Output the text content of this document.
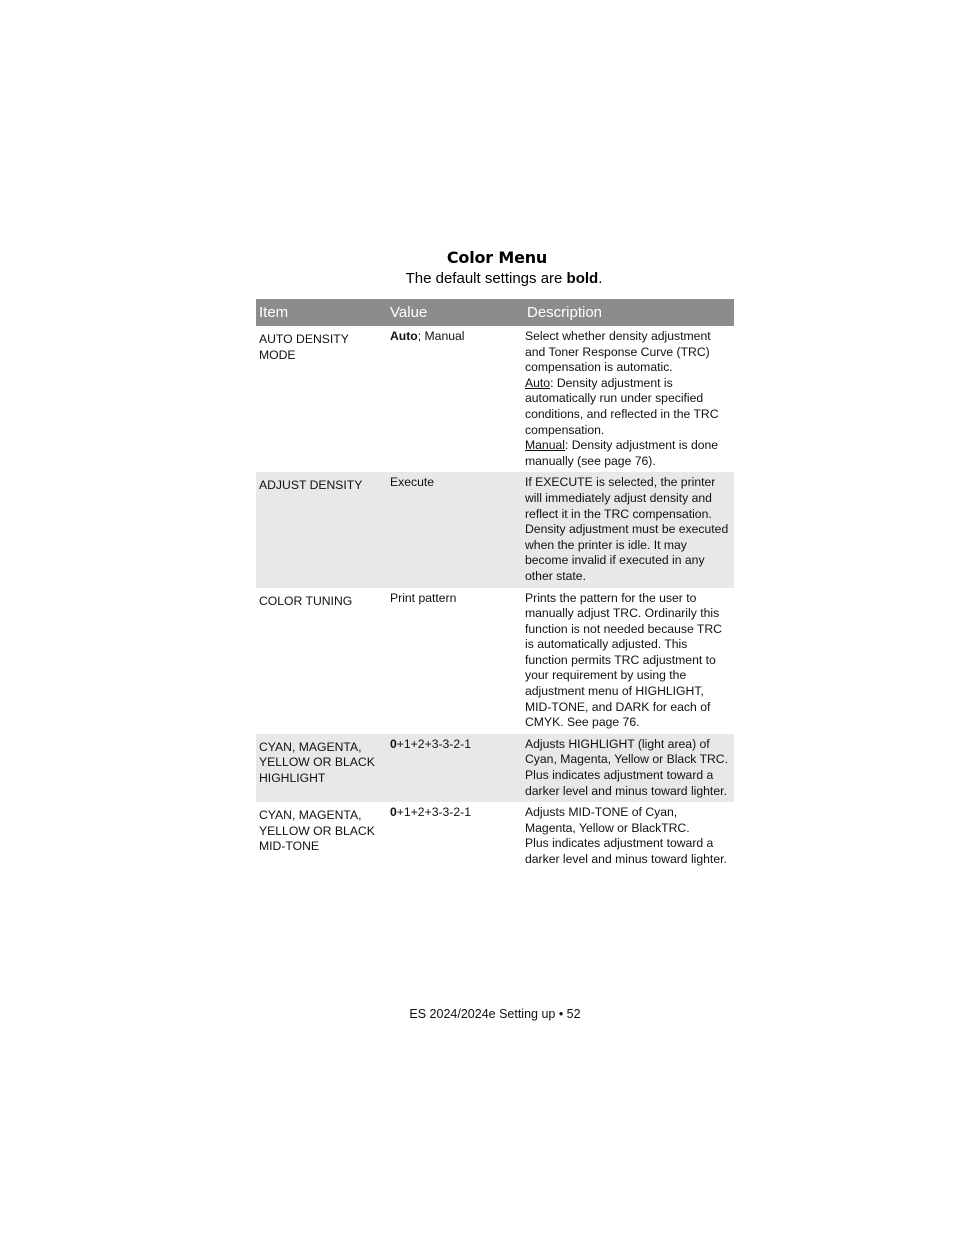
Color Menu
The default settings are bold.
Item	Value	Description
AUTO DENSITY MODE	Auto; Manual	Select whether density adjustment and Toner Response Curve (TRC) compensation is automatic.
Auto: Density adjustment is automatically run under specified conditions, and reflected in the TRC compensation.
Manual: Density adjustment is done manually (see page 76).

ADJUST DENSITY	Execute	If EXECUTE is selected, the printer will immediately adjust density and reflect it in the TRC compensation. Density adjustment must be executed when the printer is idle. It may become invalid if executed in any other state.
COLOR TUNING	Print pattern	Prints the pattern for the user to manually adjust TRC. Ordinarily this function is not needed because TRC is automatically adjusted. This function permits TRC adjustment to your requirement by using the adjustment menu of HIGHLIGHT, MID-TONE, and DARK for each of CMYK. See page 76.
CYAN, MAGENTA, YELLOW OR BLACK HIGHLIGHT	0+1+2+3-3-2-1	Adjusts HIGHLIGHT (light area) of Cyan, Magenta, Yellow or Black TRC.
Plus indicates adjustment toward a darker level and minus toward lighter.

CYAN, MAGENTA, YELLOW OR BLACK MID-TONE	0+1+2+3-3-2-1	Adjusts MID-TONE of Cyan, Magenta, Yellow or BlackTRC.
Plus indicates adjustment toward a darker level and minus toward lighter.
ES 2024/2024e Setting up • 52
